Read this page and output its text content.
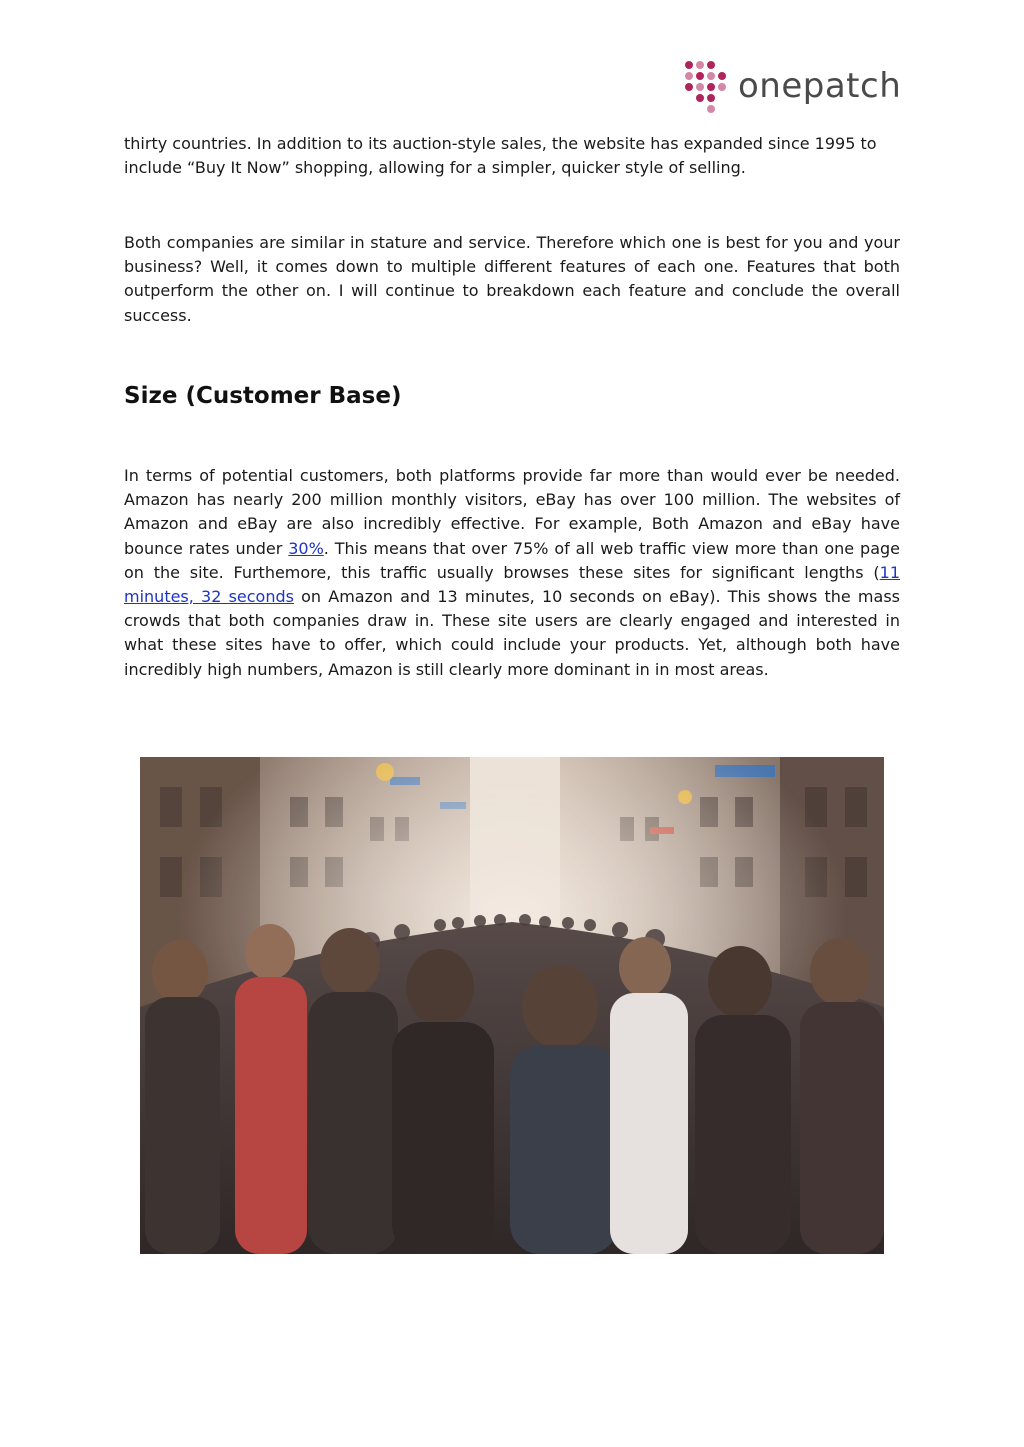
onepatch

thirty countries. In addition to its auction-style sales, the website has expanded since 1995 to include “Buy It Now” shopping, allowing for a simpler, quicker style of selling.

Both companies are similar in stature and service. Therefore which one is best for you and your business? Well, it comes down to multiple different features of each one. Features that both outperform the other on. I will continue to breakdown each feature and conclude the overall success.

Size (Customer Base)

In terms of potential customers, both platforms provide far more than would ever be needed. Amazon has nearly 200 million monthly visitors, eBay has over 100 million. The websites of Amazon and eBay are also incredibly effective. For example, Both Amazon and eBay have bounce rates under 30%. This means that over 75% of all web traffic view more than one page on the site. Furthemore, this traffic usually browses these sites for significant lengths (11 minutes, 32 seconds on Amazon and 13 minutes, 10 seconds on eBay). This shows the mass crowds that both companies draw in. These site users are clearly engaged and interested in what these sites have to offer, which could include your products. Yet, although both have incredibly high numbers, Amazon is still clearly more dominant in in most areas.
